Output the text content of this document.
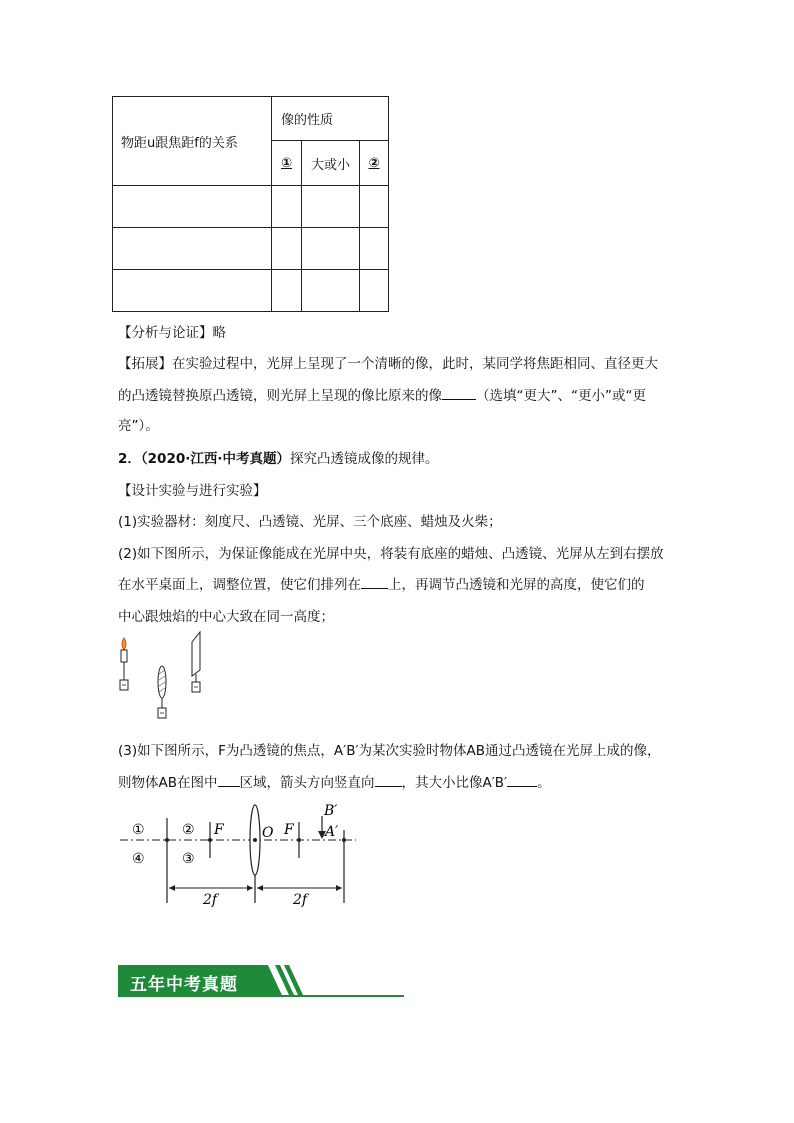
物距u跟焦距f的关系	像的性质		
	①	大或小	②

【分析与论证】略
【拓展】在实验过程中，光屏上呈现了一个清晰的像，此时，某同学将焦距相同、直径更大
的凸透镜替换原凸透镜，则光屏上呈现的像比原来的像	（选填“更大”、“更小”或“更
亮”）。
2．（2020·江西·中考真题）探究凸透镜成像的规律。
【设计实验与进行实验】
(1)实验器材：刻度尺、凸透镜、光屏、三个底座、蜡烛及火柴；
(2)如下图所示，为保证像能成在光屏中央，将装有底座的蜡烛、凸透镜、光屏从左到右摆放
在水平桌面上，调整位置，使它们排列在 上，再调节凸透镜和光屏的高度，使它们的
中心跟烛焰的中心大致在同一高度；
(3)如下图所示，F为凸透镜的焦点，A′B′为某次实验时物体AB通过凸透镜在光屏上成的像，
则物体AB在图中 区域，箭头方向竖直向 ，其大小比像A′B′ 。
①
④
②
③
F	O F
B′
A′
2f	2f
五年中考真题
